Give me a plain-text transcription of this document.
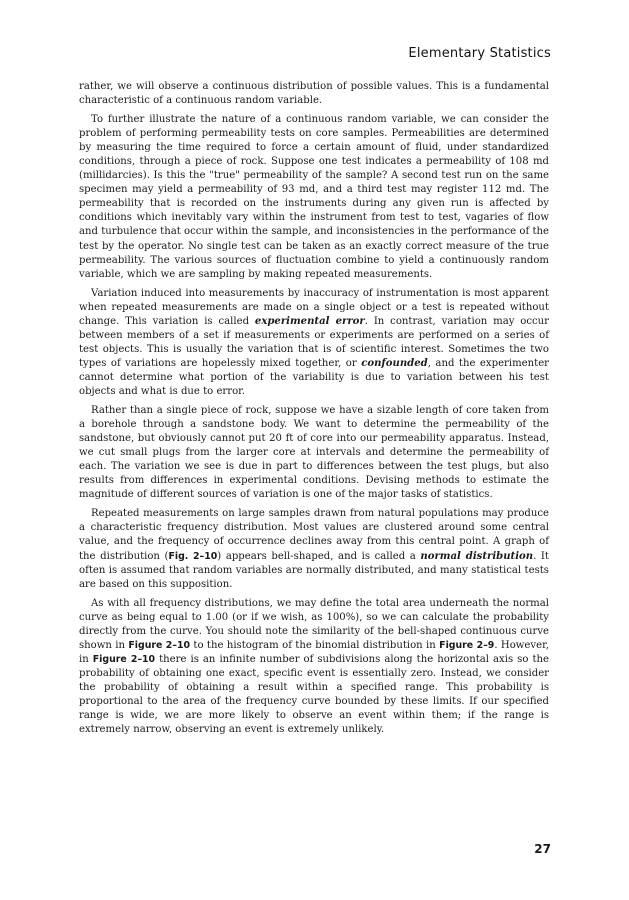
Elementary Statistics

rather, we will observe a continuous distribution of possible values. This is a fundamental characteristic of a continuous random variable.

To further illustrate the nature of a continuous random variable, we can consider the problem of performing permeability tests on core samples. Permeabilities are determined by measuring the time required to force a certain amount of fluid, under standardized conditions, through a piece of rock. Suppose one test indicates a permeability of 108 md (millidarcies). Is this the "true" permeability of the sample? A second test run on the same specimen may yield a permeability of 93 md, and a third test may register 112 md. The permeability that is recorded on the instruments during any given run is affected by conditions which inevitably vary within the instrument from test to test, vagaries of flow and turbulence that occur within the sample, and inconsistencies in the performance of the test by the operator. No single test can be taken as an exactly correct measure of the true permeability. The various sources of fluctuation combine to yield a continuously random variable, which we are sampling by making repeated measurements.

Variation induced into measurements by inaccuracy of instrumentation is most apparent when repeated measurements are made on a single object or a test is repeated without change. This variation is called experimental error. In contrast, variation may occur between members of a set if measurements or experiments are performed on a series of test objects. This is usually the variation that is of scientific interest. Sometimes the two types of variations are hopelessly mixed together, or confounded, and the experimenter cannot determine what portion of the variability is due to variation between his test objects and what is due to error.

Rather than a single piece of rock, suppose we have a sizable length of core taken from a borehole through a sandstone body. We want to determine the permeability of the sandstone, but obviously cannot put 20 ft of core into our permeability apparatus. Instead, we cut small plugs from the larger core at intervals and determine the permeability of each. The variation we see is due in part to differences between the test plugs, but also results from differences in experimental conditions. Devising methods to estimate the magnitude of different sources of variation is one of the major tasks of statistics.

Repeated measurements on large samples drawn from natural populations may produce a characteristic frequency distribution. Most values are clustered around some central value, and the frequency of occurrence declines away from this central point. A graph of the distribution (Fig. 2–10) appears bell-shaped, and is called a normal distribution. It often is assumed that random variables are normally distributed, and many statistical tests are based on this supposition.

As with all frequency distributions, we may define the total area underneath the normal curve as being equal to 1.00 (or if we wish, as 100%), so we can calculate the probability directly from the curve. You should note the similarity of the bell-shaped continuous curve shown in Figure 2–10 to the histogram of the binomial distribution in Figure 2–9. However, in Figure 2–10 there is an infinite number of subdivisions along the horizontal axis so the probability of obtaining one exact, specific event is essentially zero. Instead, we consider the probability of obtaining a result within a specified range. This probability is proportional to the area of the frequency curve bounded by these limits. If our specified range is wide, we are more likely to observe an event within them; if the range is extremely narrow, observing an event is extremely unlikely.

27
